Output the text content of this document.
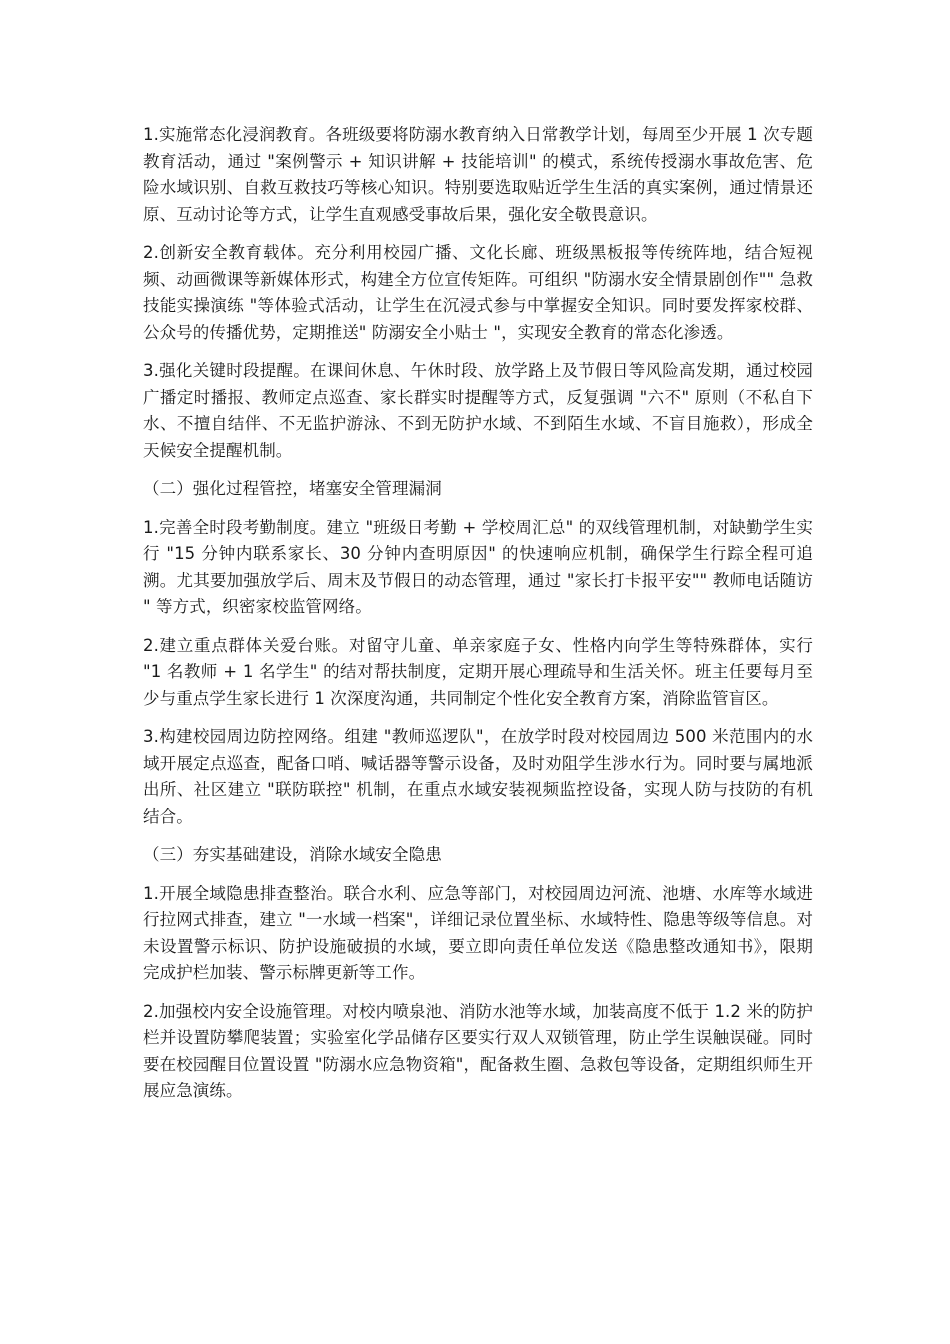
1.实施常态化浸润教育。各班级要将防溺水教育纳入日常教学计划，每周至少开展 1 次专题教育活动，通过 "案例警示 + 知识讲解 + 技能培训" 的模式，系统传授溺水事故危害、危险水域识别、自救互救技巧等核心知识。特别要选取贴近学生生活的真实案例，通过情景还原、互动讨论等方式，让学生直观感受事故后果，强化安全敬畏意识。

2.创新安全教育载体。充分利用校园广播、文化长廊、班级黑板报等传统阵地，结合短视频、动画微课等新媒体形式，构建全方位宣传矩阵。可组织 "防溺水安全情景剧创作"" 急救技能实操演练 "等体验式活动，让学生在沉浸式参与中掌握安全知识。同时要发挥家校群、公众号的传播优势，定期推送" 防溺安全小贴士 "，实现安全教育的常态化渗透。

3.强化关键时段提醒。在课间休息、午休时段、放学路上及节假日等风险高发期，通过校园广播定时播报、教师定点巡查、家长群实时提醒等方式，反复强调 "六不" 原则（不私自下水、不擅自结伴、不无监护游泳、不到无防护水域、不到陌生水域、不盲目施救），形成全天候安全提醒机制。

（二）强化过程管控，堵塞安全管理漏洞

1.完善全时段考勤制度。建立 "班级日考勤 + 学校周汇总" 的双线管理机制，对缺勤学生实行 "15 分钟内联系家长、30 分钟内查明原因" 的快速响应机制，确保学生行踪全程可追溯。尤其要加强放学后、周末及节假日的动态管理，通过 "家长打卡报平安"" 教师电话随访 " 等方式，织密家校监管网络。

2.建立重点群体关爱台账。对留守儿童、单亲家庭子女、性格内向学生等特殊群体，实行 "1 名教师 + 1 名学生" 的结对帮扶制度，定期开展心理疏导和生活关怀。班主任要每月至少与重点学生家长进行 1 次深度沟通，共同制定个性化安全教育方案，消除监管盲区。

3.构建校园周边防控网络。组建 "教师巡逻队"，在放学时段对校园周边 500 米范围内的水域开展定点巡查，配备口哨、喊话器等警示设备，及时劝阻学生涉水行为。同时要与属地派出所、社区建立 "联防联控" 机制，在重点水域安装视频监控设备，实现人防与技防的有机结合。

（三）夯实基础建设，消除水域安全隐患

1.开展全域隐患排查整治。联合水利、应急等部门，对校园周边河流、池塘、水库等水域进行拉网式排查，建立 "一水域一档案"，详细记录位置坐标、水域特性、隐患等级等信息。对未设置警示标识、防护设施破损的水域，要立即向责任单位发送《隐患整改通知书》，限期完成护栏加装、警示标牌更新等工作。

2.加强校内安全设施管理。对校内喷泉池、消防水池等水域，加装高度不低于 1.2 米的防护栏并设置防攀爬装置；实验室化学品储存区要实行双人双锁管理，防止学生误触误碰。同时要在校园醒目位置设置 "防溺水应急物资箱"，配备救生圈、急救包等设备，定期组织师生开展应急演练。
